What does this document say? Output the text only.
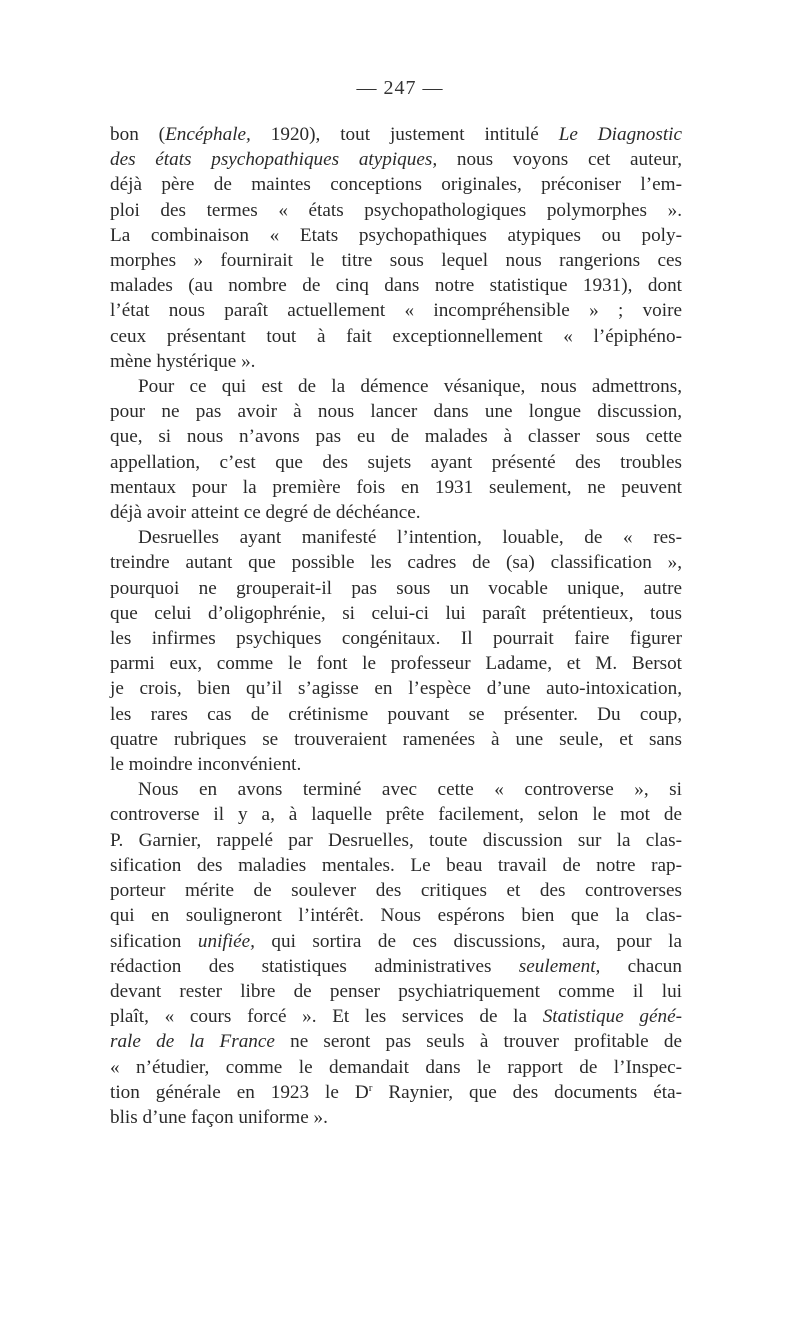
— 247 —
bon (Encéphale, 1920), tout justement intitulé Le Diagnostic
des états psychopathiques atypiques, nous voyons cet auteur,
déjà père de maintes conceptions originales, préconiser l’em-
ploi des termes « états psychopathologiques polymorphes ».
La combinaison « Etats psychopathiques atypiques ou poly-
morphes » fournirait le titre sous lequel nous rangerions ces
malades (au nombre de cinq dans notre statistique 1931), dont
l’état nous paraît actuellement « incompréhensible » ; voire
ceux présentant tout à fait exceptionnellement « l’épiphéno-
mène hystérique ».
Pour ce qui est de la démence vésanique, nous admettrons,
pour ne pas avoir à nous lancer dans une longue discussion,
que, si nous n’avons pas eu de malades à classer sous cette
appellation, c’est que des sujets ayant présenté des troubles
mentaux pour la première fois en 1931 seulement, ne peuvent
déjà avoir atteint ce degré de déchéance.
Desruelles ayant manifesté l’intention, louable, de « res-
treindre autant que possible les cadres de (sa) classification »,
pourquoi ne grouperait-il pas sous un vocable unique, autre
que celui d’oligophrénie, si celui-ci lui paraît prétentieux, tous
les infirmes psychiques congénitaux. Il pourrait faire figurer
parmi eux, comme le font le professeur Ladame, et M. Bersot
je crois, bien qu’il s’agisse en l’espèce d’une auto-intoxication,
les rares cas de crétinisme pouvant se présenter. Du coup,
quatre rubriques se trouveraient ramenées à une seule, et sans
le moindre inconvénient.
Nous en avons terminé avec cette « controverse », si
controverse il y a, à laquelle prête facilement, selon le mot de
P. Garnier, rappelé par Desruelles, toute discussion sur la clas-
sification des maladies mentales. Le beau travail de notre rap-
porteur mérite de soulever des critiques et des controverses
qui en souligneront l’intérêt. Nous espérons bien que la clas-
sification unifiée, qui sortira de ces discussions, aura, pour la
rédaction des statistiques administratives seulement, chacun
devant rester libre de penser psychiatriquement comme il lui
plaît, « cours forcé ». Et les services de la Statistique géné-
rale de la France ne seront pas seuls à trouver profitable de
« n’étudier, comme le demandait dans le rapport de l’Inspec-
tion générale en 1923 le $D^r$ Raynier, que des documents éta-
blis d’une façon uniforme ».
